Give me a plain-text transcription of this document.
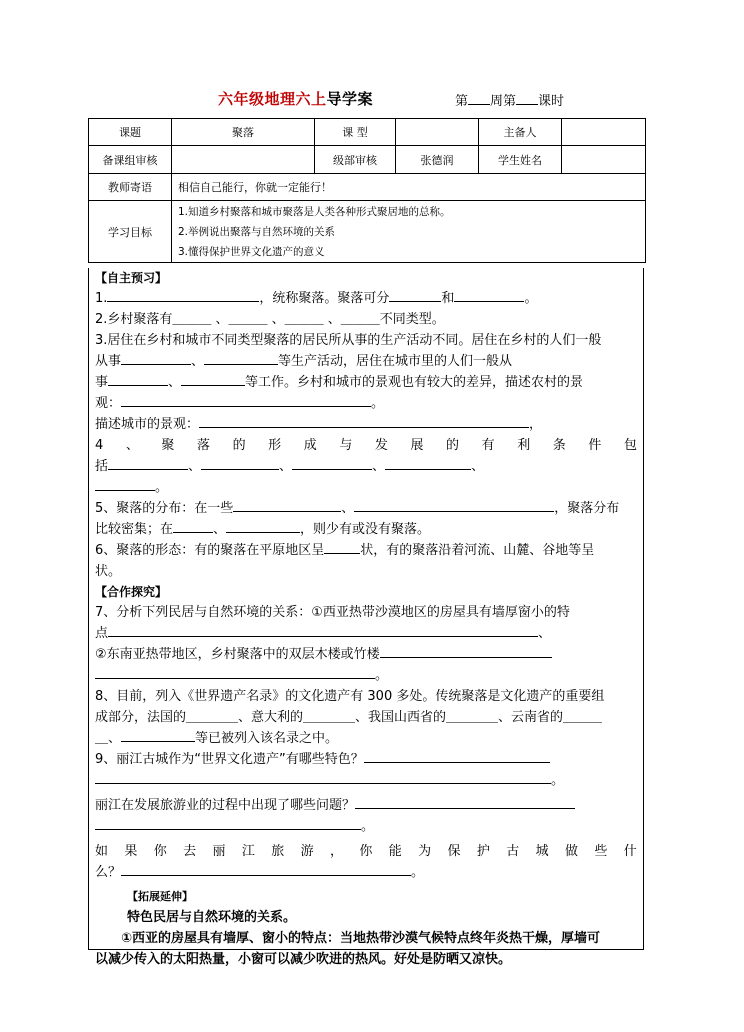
六年级地理六上导学案	第 周第 课时
课题	聚落	课 型		主备人	
备课组审核		级部审核	张德润	学生姓名	
教师寄语	相信自己能行，你就一定能行！				
学习目标	1.知道乡村聚落和城市聚落是人类各种形式聚居地的总称。
2.举例说出聚落与自然环境的关系
3.懂得保护世界文化遗产的意义				
【自主预习】
1.	，统称聚落。聚落可分	和	。
2.乡村聚落有＿＿＿ 、＿＿＿ 、＿＿＿ 、＿＿＿不同类型。
3.居住在乡村和城市不同类型聚落的居民所从事的生产活动不同。居住在乡村的人们一般
从事	、	等生产活动，居住在城市里的人们一般从
事	、	等工作。乡村和城市的景观也有较大的差异，描述农村的景
观：	。
描述城市的景观：	，
4 、 聚 落 的 形 成 与 发 展 的 有 利 条 件 包
括	、	、	、	、
。
5、聚落的分布：在一些	、	，聚落分布
比较密集；在	、	，则少有或没有聚落。
6、聚落的形态：有的聚落在平原地区呈	状，有的聚落沿着河流、山麓、谷地等呈
状。
【合作探究】
7、分析下列民居与自然环境的关系：①西亚热带沙漠地区的房屋具有墙厚窗小的特
点	、
②东南亚热带地区，乡村聚落中的双层木楼或竹楼
。
8、目前，列入《世界遗产名录》的文化遗产有 300 多处。传统聚落是文化遗产的重要组
成部分，法国的＿＿＿＿、意大利的＿＿＿＿、我国山西省的＿＿＿＿、云南省的＿＿＿
＿、	等已被列入该名录之中。
9、丽江古城作为“世界文化遗产”有哪些特色？
。
丽江在发展旅游业的过程中出现了哪些问题？
。
如 果 你 去 丽 江 旅 游 ， 你 能 为 保 护 古 城 做 些 什
么？	。
【拓展延伸】
特色民居与自然环境的关系。
①西亚的房屋具有墙厚、窗小的特点：当地热带沙漠气候特点终年炎热干燥，厚墙可
以减少传入的太阳热量，小窗可以减少吹进的热风。好处是防晒又凉快。
